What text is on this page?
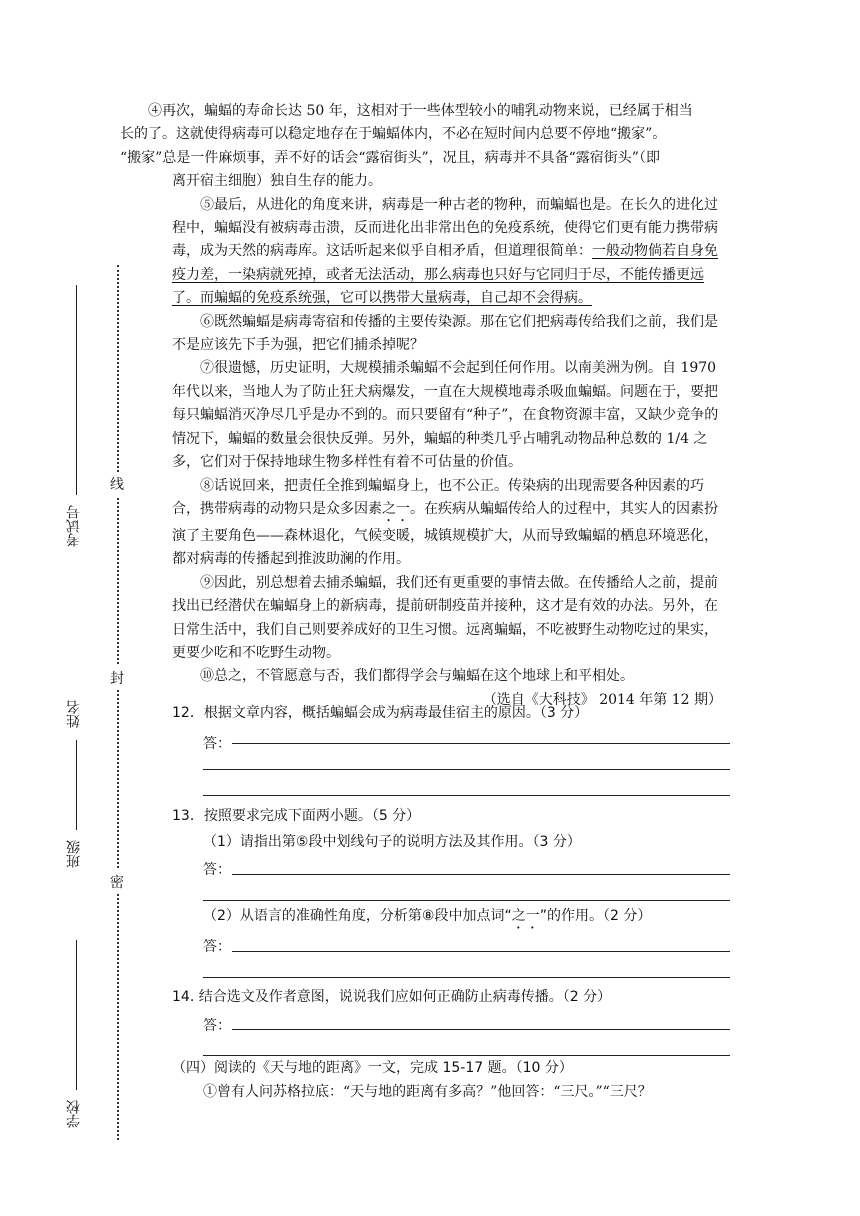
考试号
姓名
班级
学校
线
封
密

④再次，蝙蝠的寿命长达 50 年，这相对于一些体型较小的哺乳动物来说，已经属于相当

长的了。这就使得病毒可以稳定地存在于蝙蝠体内，不必在短时间内总要不停地“搬家”。

“搬家”总是一件麻烦事，弄不好的话会“露宿街头”，况且，病毒并不具备“露宿街头”（即

离开宿主细胞）独自生存的能力。

⑤最后，从进化的角度来讲，病毒是一种古老的物种，而蝙蝠也是。在长久的进化过程中，蝙蝠没有被病毒击溃，反而进化出非常出色的免疫系统，使得它们更有能力携带病毒，成为天然的病毒库。这话听起来似乎自相矛盾，但道理很简单：一般动物倘若自身免疫力差，一染病就死掉，或者无法活动，那么病毒也只好与它同归于尽，不能传播更远了。而蝙蝠的免疫系统强，它可以携带大量病毒，自己却不会得病。

⑥既然蝙蝠是病毒寄宿和传播的主要传染源。那在它们把病毒传给我们之前，我们是不是应该先下手为强，把它们捕杀掉呢？

⑦很遗憾，历史证明，大规模捕杀蝙蝠不会起到任何作用。以南美洲为例。自 1970 年代以来，当地人为了防止狂犬病爆发，一直在大规模地毒杀吸血蝙蝠。问题在于，要把每只蝙蝠消灭净尽几乎是办不到的。而只要留有“种子”，在食物资源丰富，又缺少竞争的情况下，蝙蝠的数量会很快反弹。另外，蝙蝠的种类几乎占哺乳动物品种总数的 1/4 之多，它们对于保持地球生物多样性有着不可估量的价值。

⑧话说回来，把责任全推到蝙蝠身上，也不公正。传染病的出现需要各种因素的巧合，携带病毒的动物只是众多因素之一。在疾病从蝙蝠传给人的过程中，其实人的因素扮演了主要角色——森林退化，气候变暖，城镇规模扩大，从而导致蝙蝠的栖息环境恶化，都对病毒的传播起到推波助澜的作用。

⑨因此，别总想着去捕杀蝙蝠，我们还有更重要的事情去做。在传播给人之前，提前找出已经潜伏在蝙蝠身上的新病毒，提前研制疫苗并接种，这才是有效的办法。另外，在日常生活中，我们自己则要养成好的卫生习惯。远离蝙蝠，不吃被野生动物吃过的果实，更要少吃和不吃野生动物。

⑩总之，不管愿意与否，我们都得学会与蝙蝠在这个地球上和平相处。

（选自《大科技》 2014 年第 12 期）

12．根据文章内容，概括蝙蝠会成为病毒最佳宿主的原因。（3 分）
答：
13．按照要求完成下面两小题。（5 分）
（1）请指出第⑤段中划线句子的说明方法及其作用。（3 分）
答：
（2）从语言的准确性角度，分析第⑧段中加点词“之一”的作用。（2 分）
答：
14. 结合选文及作者意图，说说我们应如何正确防止病毒传播。（2 分）
答：
（四）阅读的《天与地的距离》一文，完成 15-17 题。（10 分）
①曾有人问苏格拉底：“天与地的距离有多高？”他回答：“三尺。”“三尺？
